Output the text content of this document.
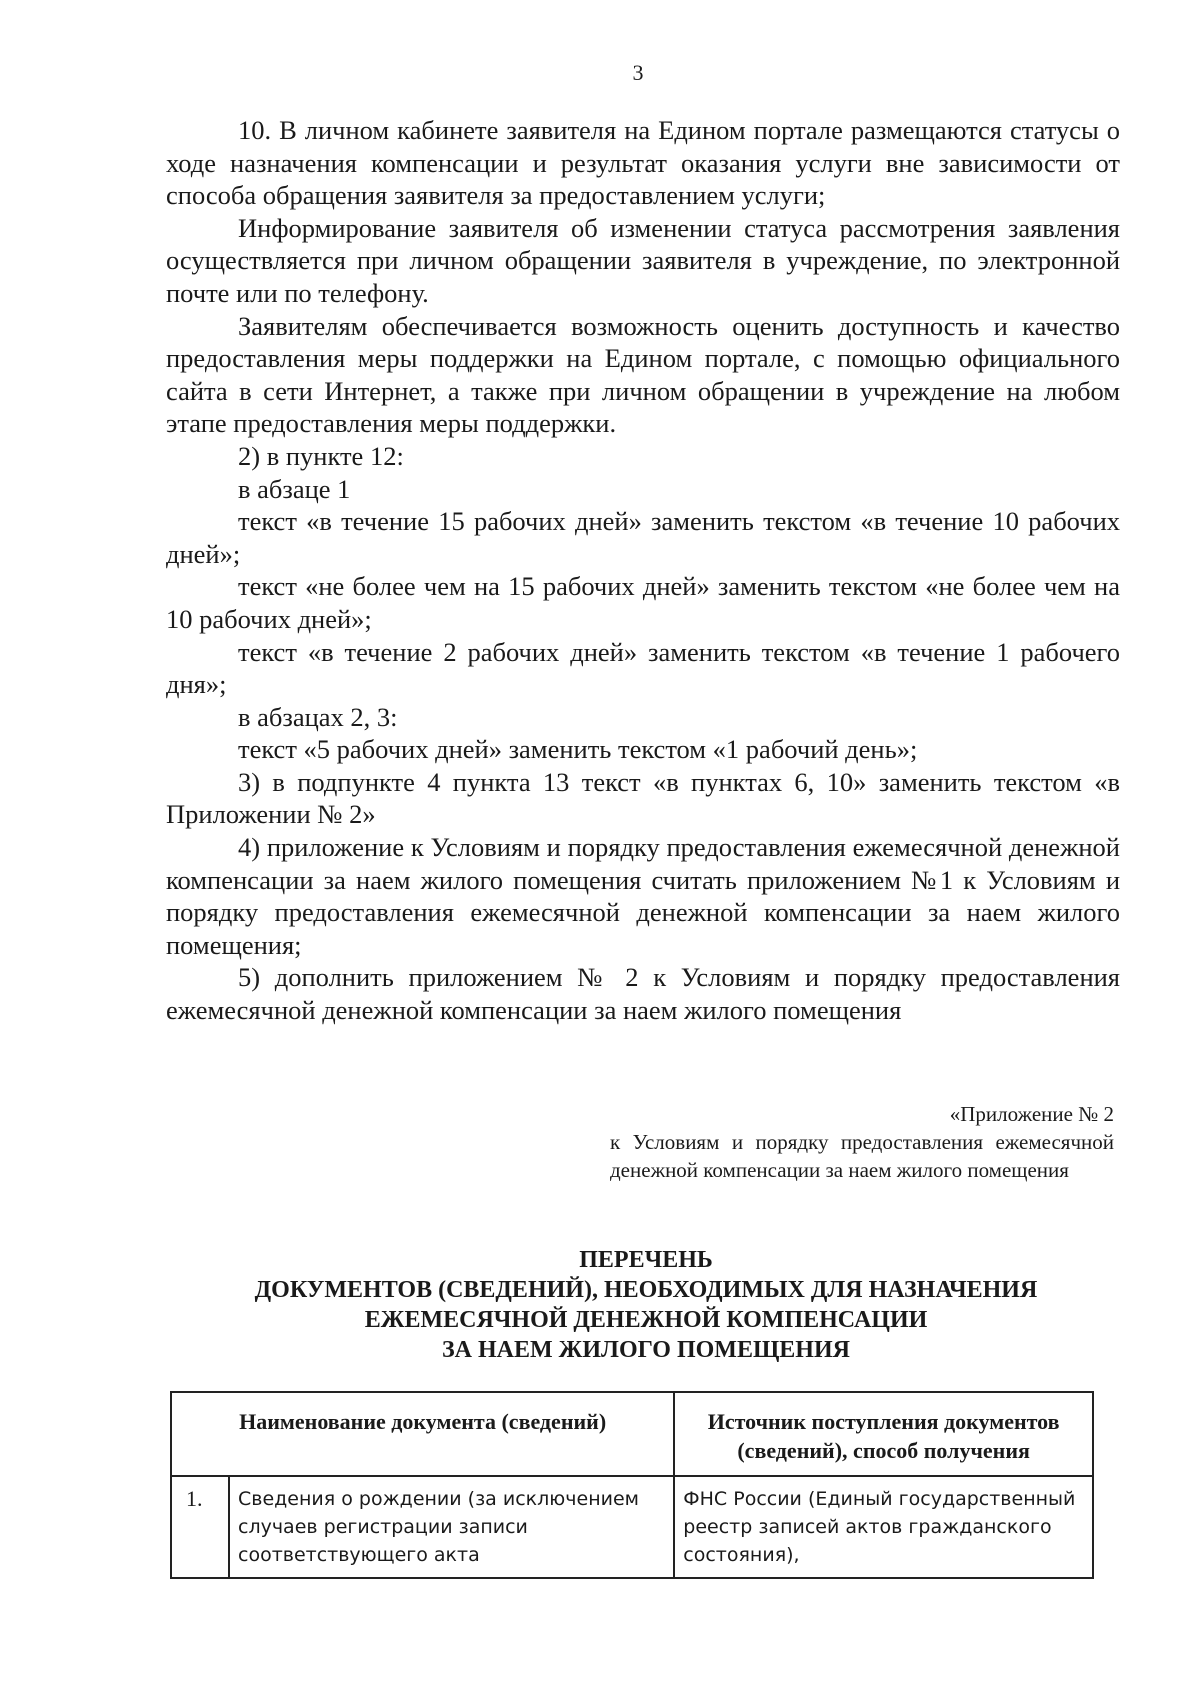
3

10. В личном кабинете заявителя на Едином портале размещаются статусы о ходе назначения компенсации и результат оказания услуги вне зависимости от способа обращения заявителя за предоставлением услуги;

Информирование заявителя об изменении статуса рассмотрения заявления осуществляется при личном обращении заявителя в учреждение, по электронной почте или по телефону.

Заявителям обеспечивается возможность оценить доступность и качество предоставления меры поддержки на Едином портале, с помощью официального сайта в сети Интернет, а также при личном обращении в учреждение на любом этапе предоставления меры поддержки.

2) в пункте 12:

в абзаце 1

текст «в течение 15 рабочих дней» заменить текстом «в течение 10 рабочих дней»;

текст «не более чем на 15 рабочих дней» заменить текстом «не более чем на 10 рабочих дней»;

текст «в течение 2 рабочих дней» заменить текстом «в течение 1 рабочего дня»;

в абзацах 2, 3:

текст «5 рабочих дней» заменить текстом «1 рабочий день»;

3) в подпункте 4 пункта 13 текст «в пунктах 6, 10» заменить текстом «в Приложении № 2»

4) приложение к Условиям и порядку предоставления ежемесячной денежной компенсации за наем жилого помещения считать приложением №1 к Условиям и порядку предоставления ежемесячной денежной компенсации за наем жилого помещения;

5) дополнить приложением № 2 к Условиям и порядку предоставления ежемесячной денежной компенсации за наем жилого помещения

«Приложение № 2
к Условиям и порядку предоставления ежемесячной денежной компенсации за наем жилого помещения
ПЕРЕЧЕНЬ
ДОКУМЕНТОВ (СВЕДЕНИЙ), НЕОБХОДИМЫХ ДЛЯ НАЗНАЧЕНИЯ
ЕЖЕМЕСЯЧНОЙ ДЕНЕЖНОЙ КОМПЕНСАЦИИ
ЗА НАЕМ ЖИЛОГО ПОМЕЩЕНИЯ
Наименование документа (сведений)		Источник поступления документов (сведений), способ получения
1.	Сведения о рождении (за исключением случаев регистрации записи соответствующего акта	ФНС России (Единый государственный реестр записей актов гражданского состояния),
